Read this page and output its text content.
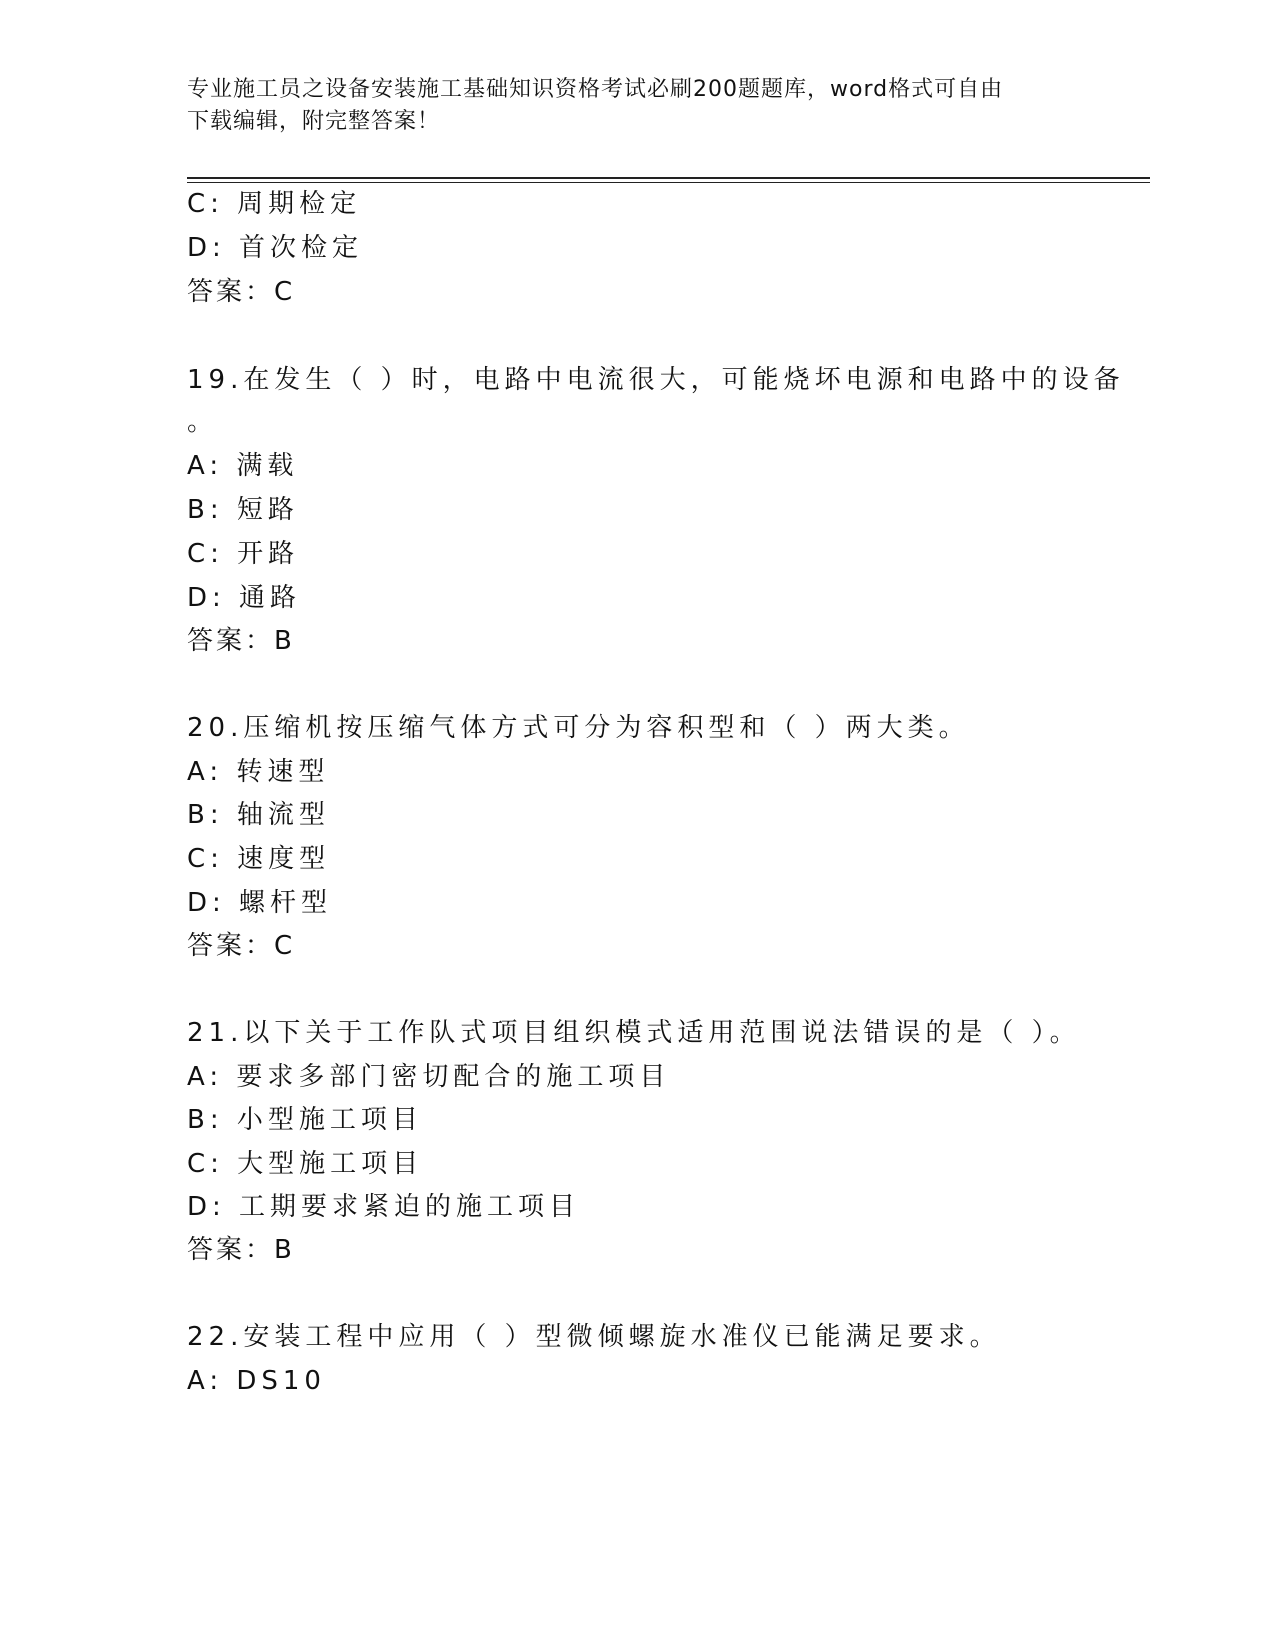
专业施工员之设备安装施工基础知识资格考试必刷200题题库，word格式可自由
下载编辑，附完整答案！
C: 周期检定
D: 首次检定
答案：C
19.在发生（ ）时，电路中电流很大，可能烧坏电源和电路中的设备
。
A: 满载
B: 短路
C: 开路
D: 通路
答案：B
20.压缩机按压缩气体方式可分为容积型和（ ）两大类。
A: 转速型
B: 轴流型
C: 速度型
D: 螺杆型
答案：C
21.以下关于工作队式项目组织模式适用范围说法错误的是（ ）。
A: 要求多部门密切配合的施工项目
B: 小型施工项目
C: 大型施工项目
D: 工期要求紧迫的施工项目
答案：B
22.安装工程中应用（ ）型微倾螺旋水准仪已能满足要求。
A: DS10
